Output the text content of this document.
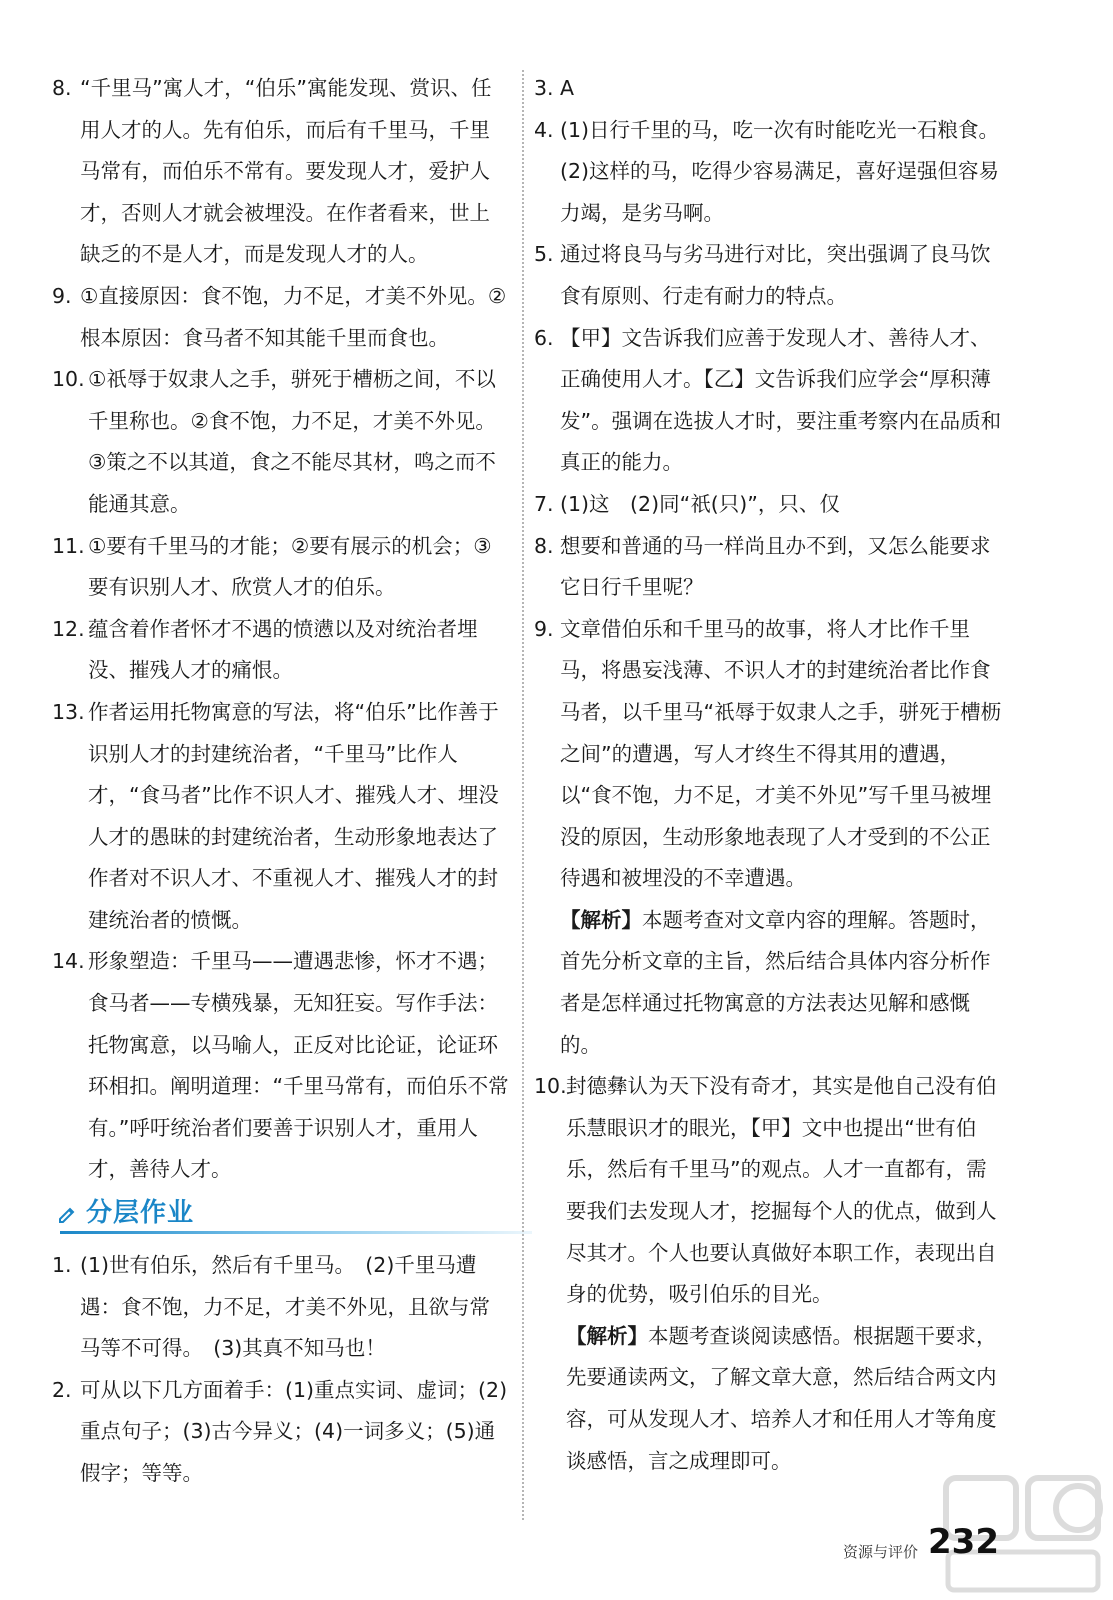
8. “千里马”寓人才，“伯乐”寓能发现、赏识、任用人才的人。先有伯乐，而后有千里马，千里马常有，而伯乐不常有。要发现人才，爱护人才，否则人才就会被埋没。在作者看来，世上缺乏的不是人才，而是发现人才的人。

9. ①直接原因：食不饱，力不足，才美不外见。②根本原因：食马者不知其能千里而食也。

10. ①祇辱于奴隶人之手，骈死于槽枥之间，不以千里称也。②食不饱，力不足，才美不外见。③策之不以其道，食之不能尽其材，鸣之而不能通其意。

11. ①要有千里马的才能；②要有展示的机会；③要有识别人才、欣赏人才的伯乐。

12. 蕴含着作者怀才不遇的愤懑以及对统治者埋没、摧残人才的痛恨。

13. 作者运用托物寓意的写法，将“伯乐”比作善于识别人才的封建统治者，“千里马”比作人才，“食马者”比作不识人才、摧残人才、埋没人才的愚昧的封建统治者，生动形象地表达了作者对不识人才、不重视人才、摧残人才的封建统治者的愤慨。

14. 形象塑造：千里马——遭遇悲惨，怀才不遇；食马者——专横残暴，无知狂妄。写作手法：托物寓意，以马喻人，正反对比论证，论证环环相扣。阐明道理：“千里马常有，而伯乐不常有。”呼吁统治者们要善于识别人才，重用人才，善待人才。

分层作业

1. (1)世有伯乐，然后有千里马。　(2)千里马遭遇：食不饱，力不足，才美不外见，且欲与常马等不可得。　(3)其真不知马也！

2. 可从以下几方面着手：(1)重点实词、虚词；(2)重点句子；(3)古今异义；(4)一词多义；(5)通假字；等等。

3. A

4. (1)日行千里的马，吃一次有时能吃光一石粮食。

(2)这样的马，吃得少容易满足，喜好逞强但容易力竭，是劣马啊。

5. 通过将良马与劣马进行对比，突出强调了良马饮食有原则、行走有耐力的特点。

6. 【甲】文告诉我们应善于发现人才、善待人才、正确使用人才。【乙】文告诉我们应学会“厚积薄发”。强调在选拔人才时，要注重考察内在品质和真正的能力。

7. (1)这　(2)同“祇(只)”，只、仅

8. 想要和普通的马一样尚且办不到，又怎么能要求它日行千里呢？

9. 文章借伯乐和千里马的故事，将人才比作千里马，将愚妄浅薄、不识人才的封建统治者比作食马者，以千里马“祇辱于奴隶人之手，骈死于槽枥之间”的遭遇，写人才终生不得其用的遭遇，以“食不饱，力不足，才美不外见”写千里马被埋没的原因，生动形象地表现了人才受到的不公正待遇和被埋没的不幸遭遇。

【解析】本题考查对文章内容的理解。答题时，首先分析文章的主旨，然后结合具体内容分析作者是怎样通过托物寓意的方法表达见解和感慨的。

10. 封德彝认为天下没有奇才，其实是他自己没有伯乐慧眼识才的眼光，【甲】文中也提出“世有伯乐，然后有千里马”的观点。人才一直都有，需要我们去发现人才，挖掘每个人的优点，做到人尽其才。个人也要认真做好本职工作，表现出自身的优势，吸引伯乐的目光。

【解析】本题考查谈阅读感悟。根据题干要求，先要通读两文，了解文章大意，然后结合两文内容，可从发现人才、培养人才和任用人才等角度谈感悟，言之成理即可。

资源与评价 232
